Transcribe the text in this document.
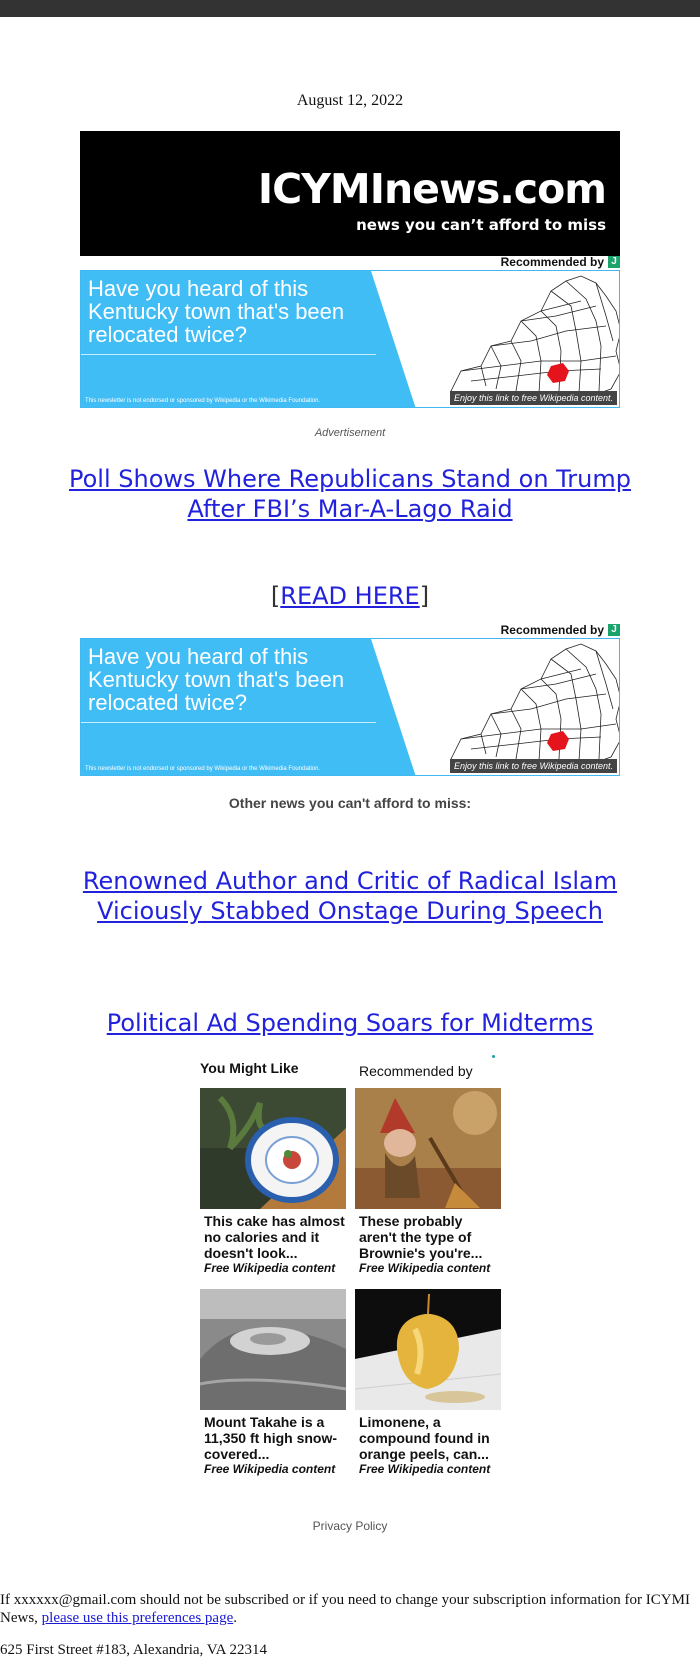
August 12, 2022
ICYMInews.com
news you can’t afford to miss
Recommended by J
Have you heard of this Kentucky town that's been relocated twice?
This newsletter is not endorsed or sponsored by Wikipedia or the Wikimedia Foundation.	Enjoy this link to free Wikipedia content.
Advertisement
Poll Shows Where Republicans Stand on Trump After FBI’s Mar-A-Lago Raid
[READ HERE]
Recommended by J
Have you heard of this Kentucky town that's been relocated twice?
This newsletter is not endorsed or sponsored by Wikipedia or the Wikimedia Foundation.	Enjoy this link to free Wikipedia content.
Other news you can't afford to miss:
Renowned Author and Critic of Radical Islam Viciously Stabbed Onstage During Speech
Political Ad Spending Soars for Midterms
You Might Like	Recommended by
This cake has almost no calories and it doesn't look...
Free Wikipedia content
These probably aren't the type of Brownie's you're...
Free Wikipedia content
Mount Takahe is a 11,350 ft high snow-covered...
Free Wikipedia content
Limonene, a compound found in orange peels, can...
Free Wikipedia content
Privacy Policy
If xxxxxx@gmail.com should not be subscribed or if you need to change your subscription information for ICYMI News, please use this preferences page.
625 First Street #183, Alexandria, VA 22314
